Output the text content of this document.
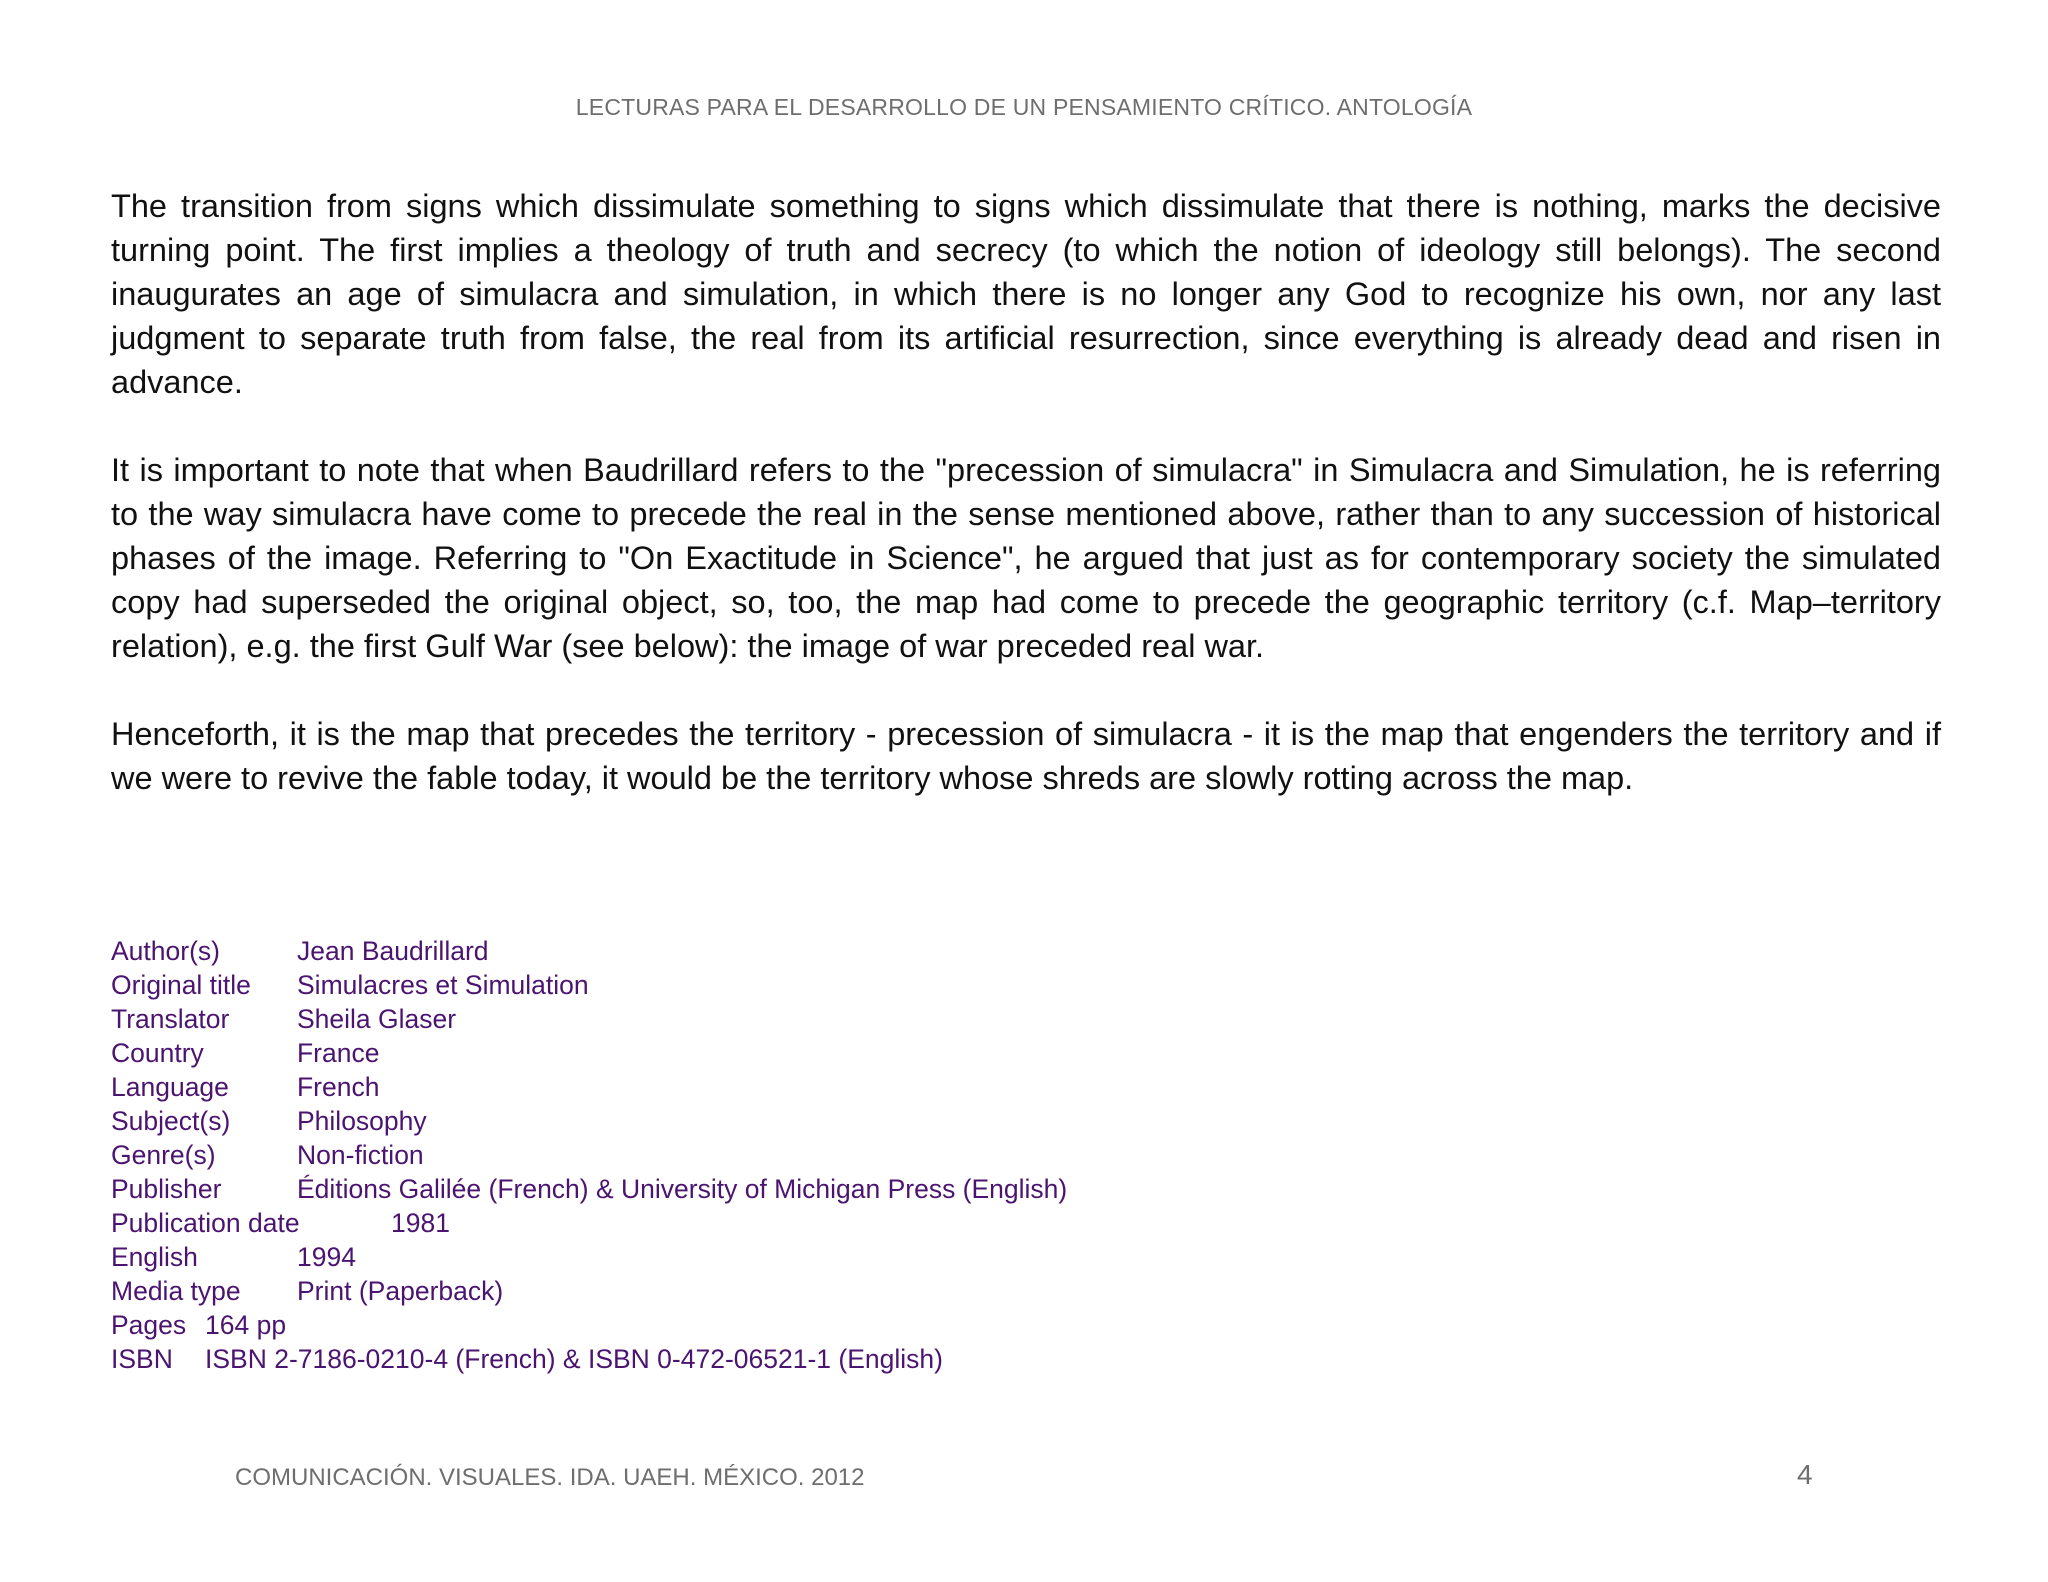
LECTURAS PARA EL DESARROLLO DE UN PENSAMIENTO CRÍTICO. ANTOLOGÍA

The transition from signs which dissimulate something to signs which dissimulate that there is nothing, marks the decisive turning point. The first implies a theology of truth and secrecy (to which the notion of ideology still belongs). The second inaugurates an age of simulacra and simulation, in which there is no longer any God to recognize his own, nor any last judgment to separate truth from false, the real from its artificial resurrection, since everything is already dead and risen in advance.

It is important to note that when Baudrillard refers to the "precession of simulacra" in Simulacra and Simulation, he is referring to the way simulacra have come to precede the real in the sense mentioned above, rather than to any succession of historical phases of the image. Referring to "On Exactitude in Science", he argued that just as for contemporary society the simulated copy had superseded the original object, so, too, the map had come to precede the geographic territory (c.f. Map–territory relation), e.g. the first Gulf War (see below): the image of war preceded real war.

Henceforth, it is the map that precedes the territory - precession of simulacra - it is the map that engenders the territory and if we were to revive the fable today, it would be the territory whose shreds are slowly rotting across the map.

Author(s)	Jean Baudrillard
Original title Simulacres et Simulation
Translator	Sheila Glaser
Country	France
Language	French
Subject(s)	Philosophy
Genre(s)	Non-fiction
Publisher	Éditions Galilée (French) & University of Michigan Press (English)
Publication date	1981
English	1994
Media type Print (Paperback)
Pages 164 pp
ISBN ISBN 2-7186-0210-4 (French) & ISBN 0-472-06521-1 (English)
COMUNICACIÓN. VISUALES. IDA. UAEH. MÉXICO. 2012	4
